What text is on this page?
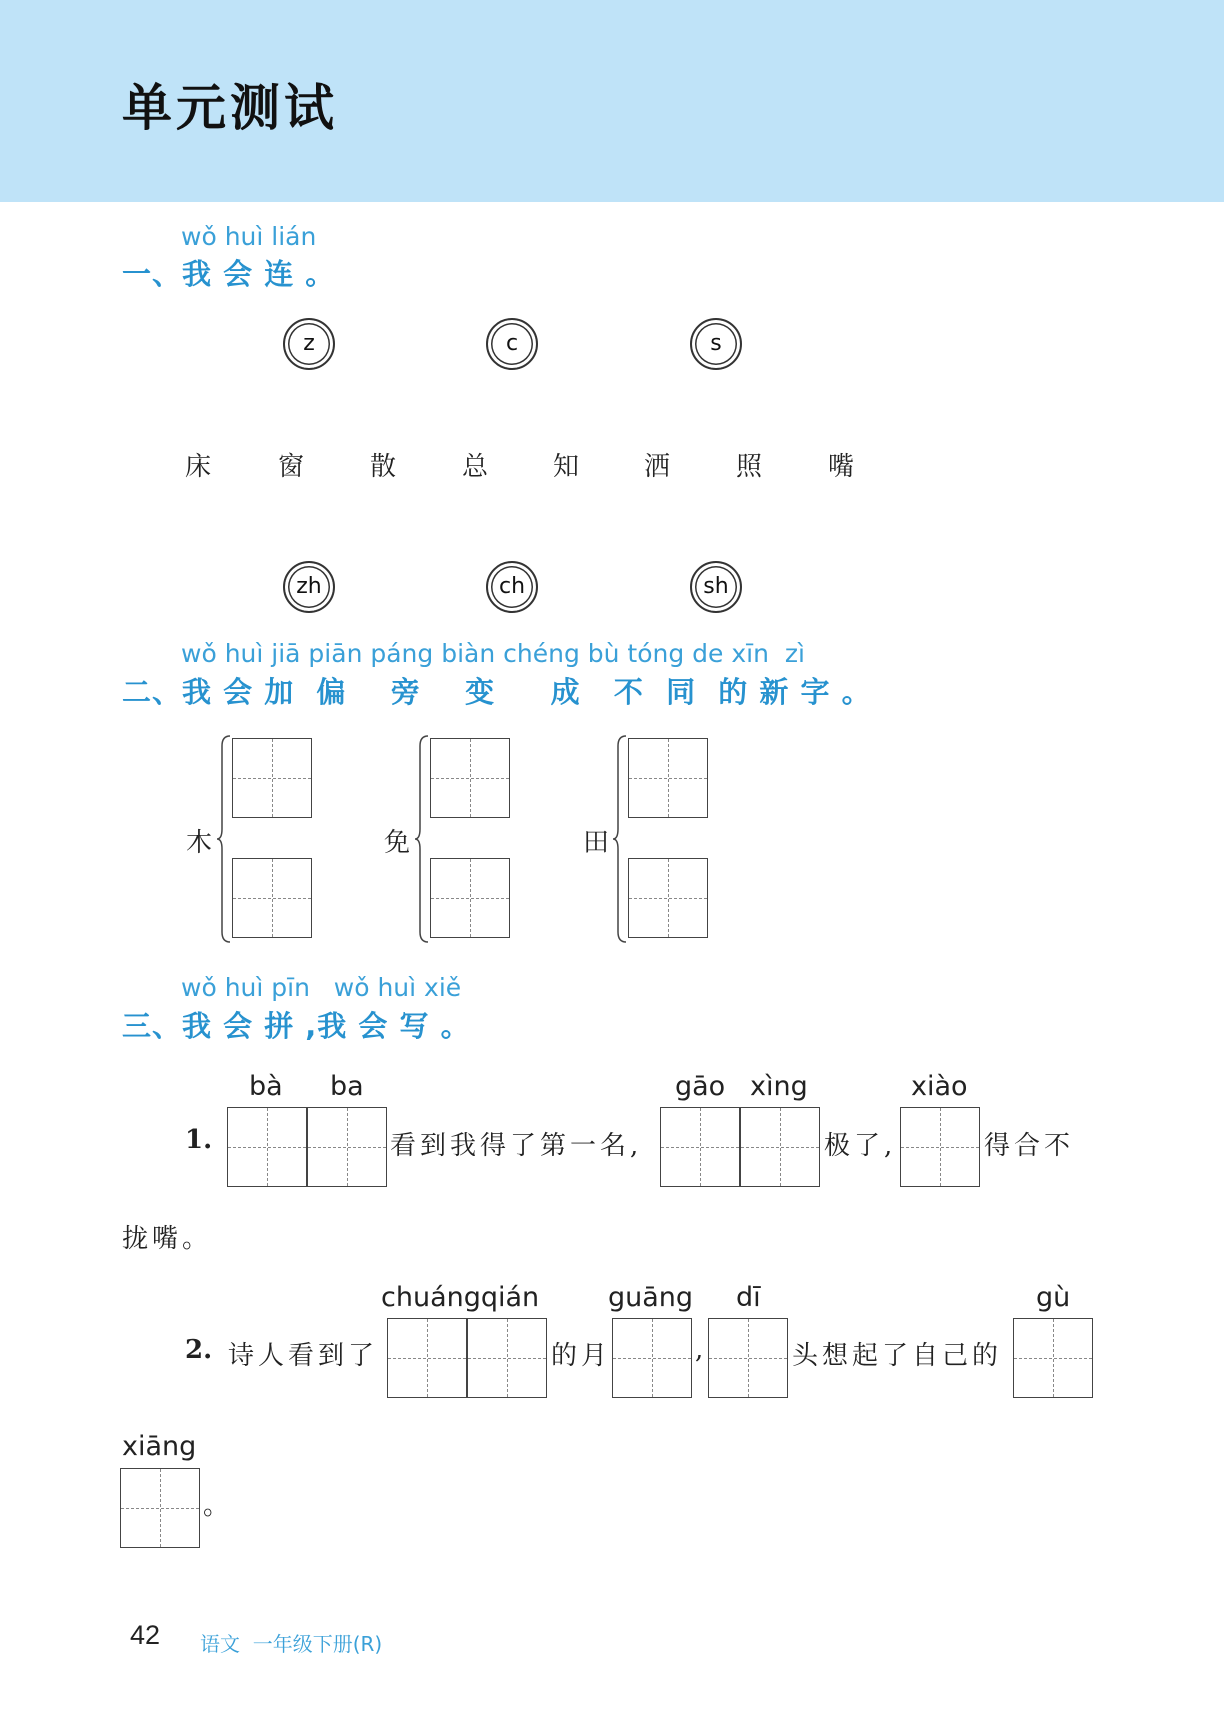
单元测试
wǒ huì lián
一、我 会 连 。
z	c	s
床	窗	散	总 知 洒	照	嘴
zh	ch	sh
wǒ huì jiā piān páng biàn chéng bù tóng de xīn  zì
二、我 会 加  偏    旁    变     成   不  同  的 新 字 。
木	免	田
wǒ huì pīn   wǒ huì xiě
三、我 会 拼 ,我 会 写 。
bà ba	gāo xìng	xiào
1.	看到我得了第一名,	极了,	得合不
拢嘴。
chuángqián	guāng dī	gù
2. 诗人看到了	的月	,	头想起了自己的
xiāng
。
42 语文  一年级下册(R)
